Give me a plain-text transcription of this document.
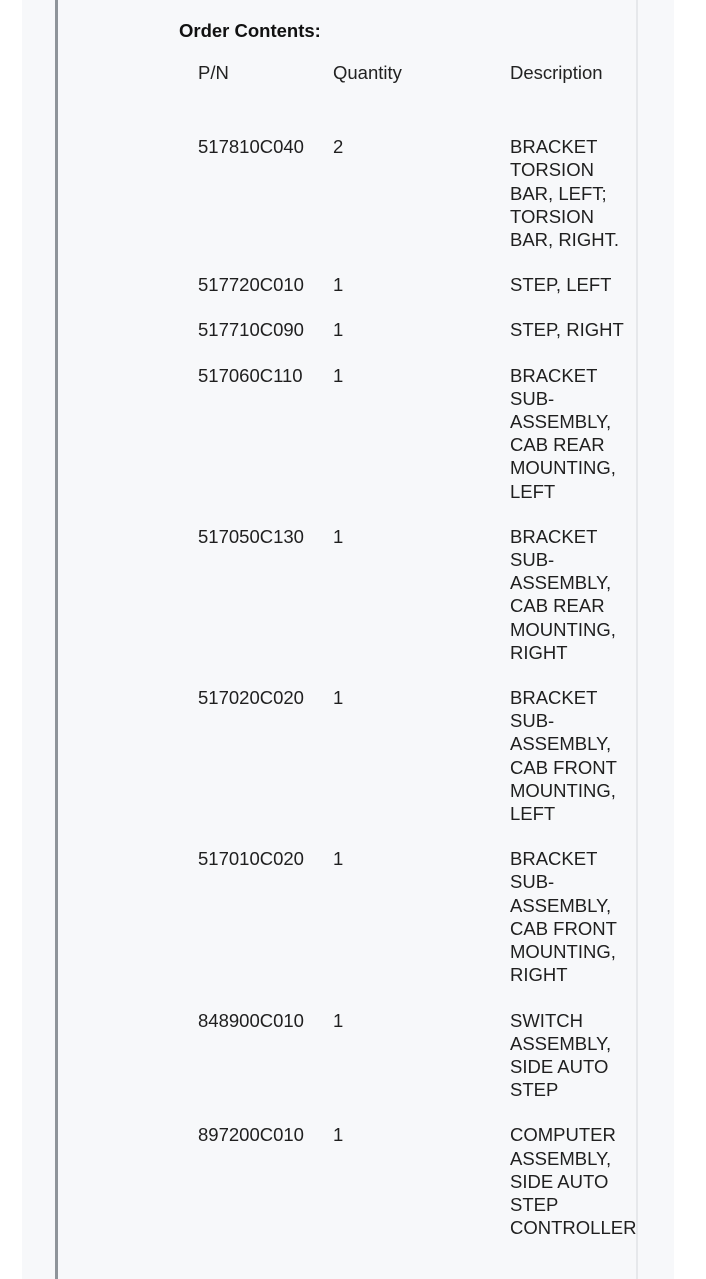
Order Contents:
P/N	Quantity	Description
517810C040	2	BRACKET TORSION BAR, LEFT; TORSION BAR, RIGHT.
517720C010	1	STEP, LEFT
517710C090	1	STEP, RIGHT
517060C110	1	BRACKET SUB-ASSEMBLY, CAB REAR MOUNTING, LEFT
517050C130	1	BRACKET SUB-ASSEMBLY, CAB REAR MOUNTING, RIGHT
517020C020	1	BRACKET SUB-ASSEMBLY, CAB FRONT MOUNTING, LEFT
517010C020	1	BRACKET SUB-ASSEMBLY, CAB FRONT MOUNTING, RIGHT
848900C010	1	SWITCH ASSEMBLY, SIDE AUTO STEP
897200C010	1	COMPUTER ASSEMBLY, SIDE AUTO STEP CONTROLLER
